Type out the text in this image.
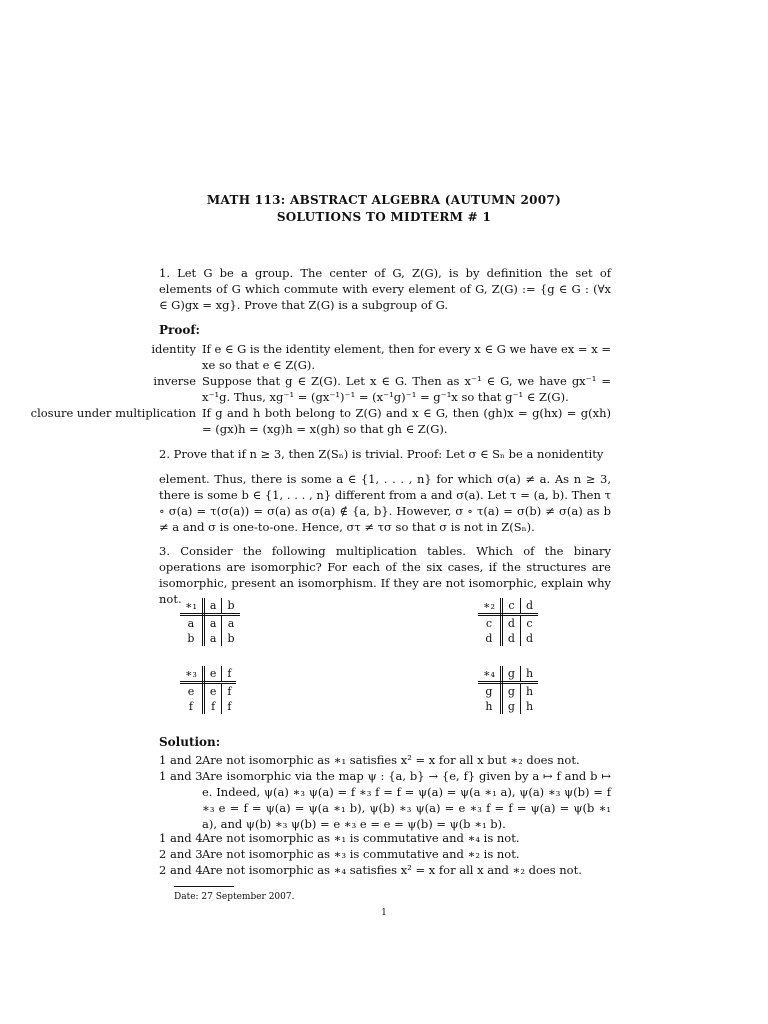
MATH 113: ABSTRACT ALGEBRA (AUTUMN 2007)
SOLUTIONS TO MIDTERM # 1

1. Let G be a group. The center of G, Z(G), is by definition the set of elements of G which commute with every element of G, Z(G) := {g ∈ G : (∀x ∈ G)gx = xg}. Prove that Z(G) is a subgroup of G.

Proof:

identity If e ∈ G is the identity element, then for every x ∈ G we have ex = x = xe so that e ∈ Z(G).
inverse Suppose that g ∈ Z(G). Let x ∈ G. Then as x⁻¹ ∈ G, we have gx⁻¹ = x⁻¹g. Thus, xg⁻¹ = (gx⁻¹)⁻¹ = (x⁻¹g)⁻¹ = g⁻¹x so that g⁻¹ ∈ Z(G).
closure under multiplication If g and h both belong to Z(G) and x ∈ G, then (gh)x = g(hx) = g(xh) = (gx)h = (xg)h = x(gh) so that gh ∈ Z(G).

2. Prove that if n ≥ 3, then Z(Sₙ) is trivial. Proof: Let σ ∈ Sₙ be a nonidentity

element. Thus, there is some a ∈ {1, . . . , n} for which σ(a) ≠ a. As n ≥ 3, there is some b ∈ {1, . . . , n} different from a and σ(a). Let τ = (a, b). Then τ ∘ σ(a) = τ(σ(a)) = σ(a) as σ(a) ∉ {a, b}. However, σ ∘ τ(a) = σ(b) ≠ σ(a) as b ≠ a and σ is one-to-one. Hence, στ ≠ τσ so that σ is not in Z(Sₙ).

3. Consider the following multiplication tables. Which of the binary operations are isomorphic? For each of the six cases, if the structures are isomorphic, present an isomorphism. If they are not isomorphic, explain why not. ∗₁	a	b
a	a	a
b	a	b
∗₂	c	d
c	d	c
d	d	d
∗₃	e	f
e	e	f
f	f	f
∗₄	g	h
g	g	h
h	g	h

Solution:

1 and 2 Are not isomorphic as ∗₁ satisfies x² = x for all x but ∗₂ does not.
1 and 3 Are isomorphic via the map ψ : {a, b} → {e, f} given by a ↦ f and b ↦ e. Indeed, ψ(a) ∗₃ ψ(a) = f ∗₃ f = f = ψ(a) = ψ(a ∗₁ a), ψ(a) ∗₃ ψ(b) = f ∗₃ e = f = ψ(a) = ψ(a ∗₁ b), ψ(b) ∗₃ ψ(a) = e ∗₃ f = f = ψ(a) = ψ(b ∗₁ a), and ψ(b) ∗₃ ψ(b) = e ∗₃ e = e = ψ(b) = ψ(b ∗₁ b).
1 and 4 Are not isomorphic as ∗₁ is commutative and ∗₄ is not.
2 and 3 Are not isomorphic as ∗₃ is commutative and ∗₂ is not.
2 and 4 Are not isomorphic as ∗₄ satisfies x² = x for all x and ∗₂ does not.
Date: 27 September 2007.
1
